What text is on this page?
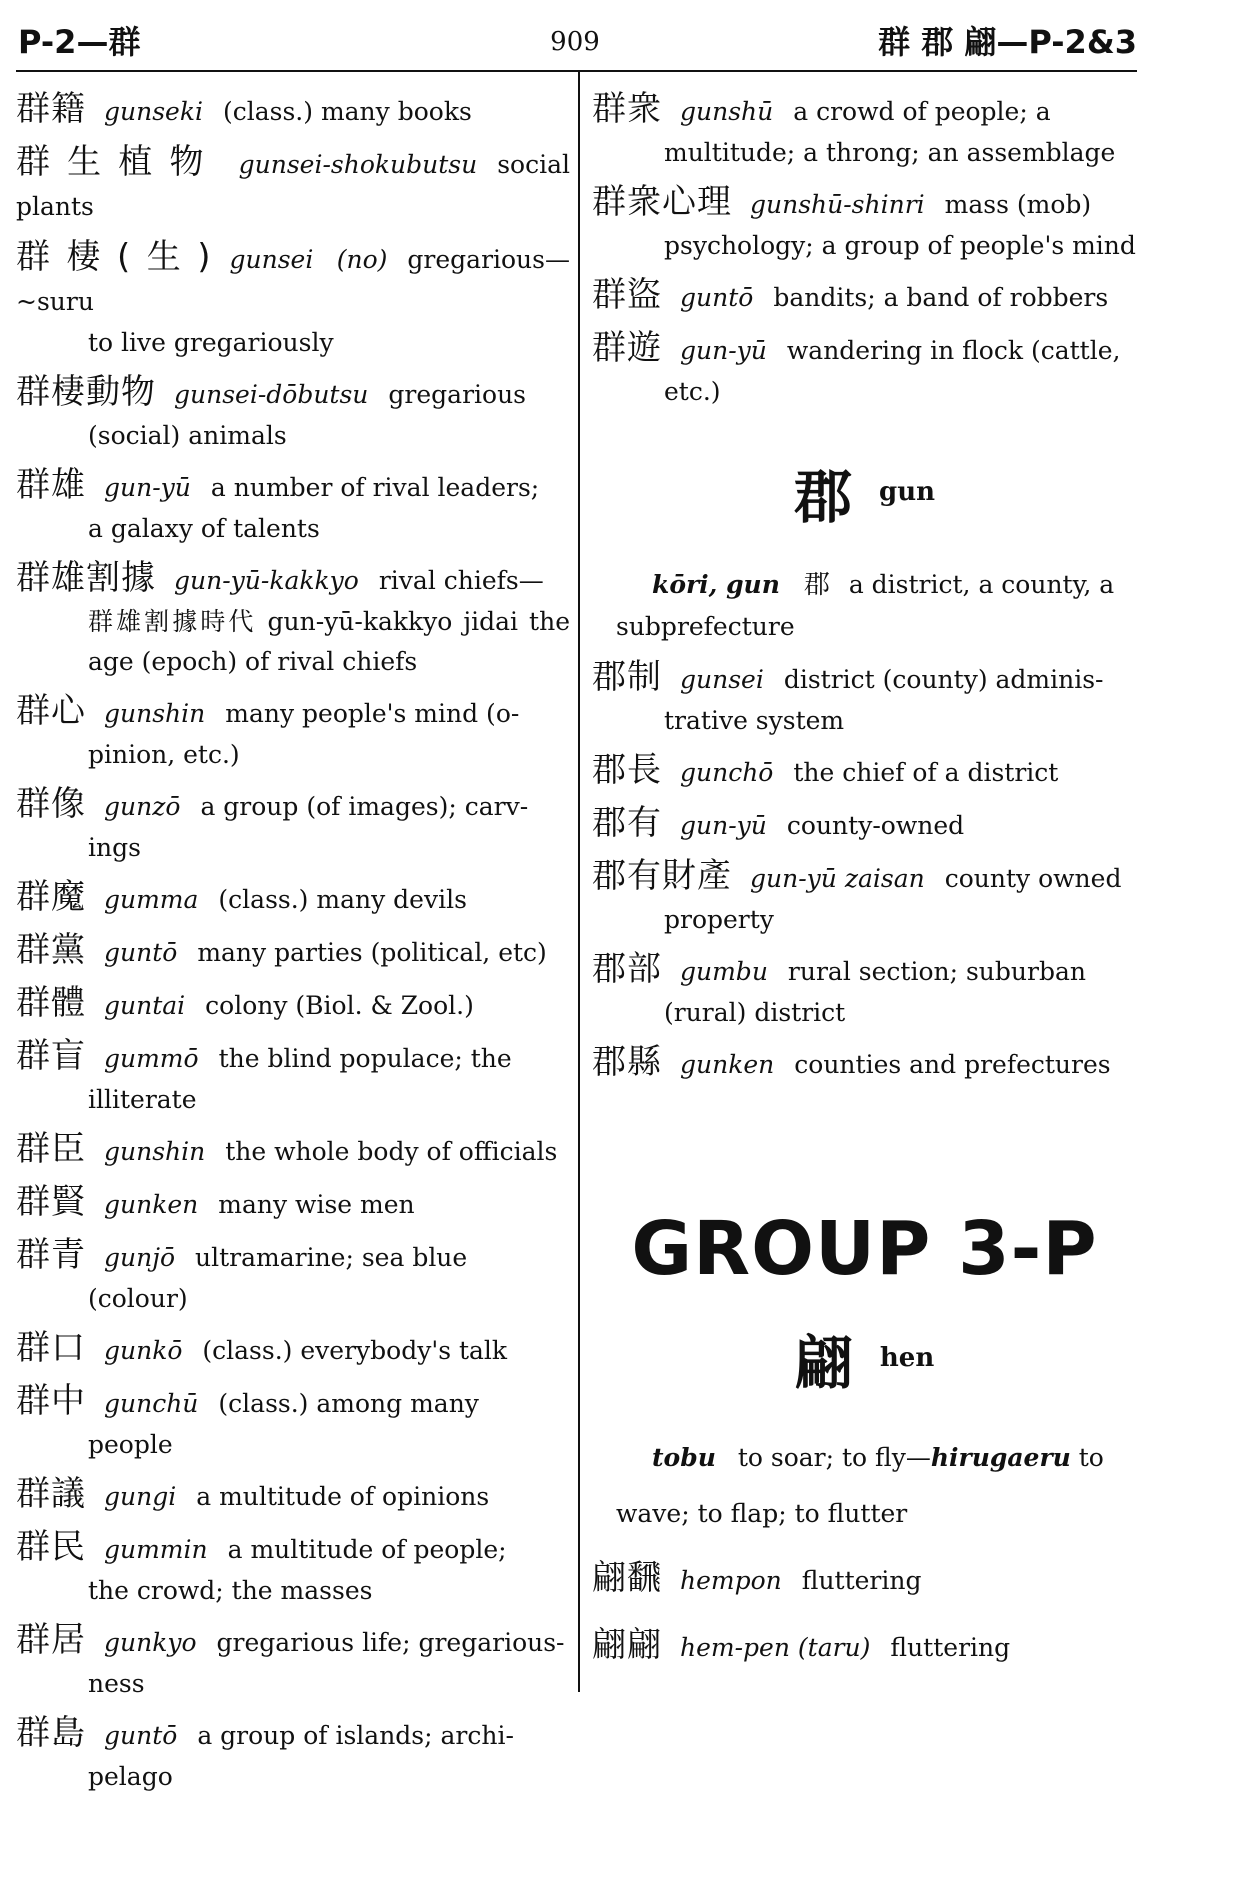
P-2—群	909	群 郡 翩—P-2&3
群籍 gunseki (class.) many books
群生植物 gunsei-shokubutsu social plants
群棲(生) gunsei (no) gregarious—~suru
to live gregariously
群棲動物 gunsei-dōbutsu gregarious
(social) animals
群雄 gun-yū a number of rival leaders;
a galaxy of talents
群雄割據 gun-yū-kakkyo rival chiefs—
群雄割據時代 gun-yū-kakkyo jidai the age (epoch) of rival chiefs
群心 gunshin many people's mind (o-
pinion, etc.)
群像 gunzō a group (of images); carv-
ings
群魔 gumma (class.) many devils
群黨 guntō many parties (political, etc)
群體 guntai colony (Biol. & Zool.)
群盲 gummō the blind populace; the
illiterate
群臣 gunshin the whole body of officials
群賢 gunken many wise men
群青 gunjō ultramarine; sea blue
(colour)
群口 gunkō (class.) everybody's talk
群中 gunchū (class.) among many
people
群議 gungi a multitude of opinions
群民 gummin a multitude of people;
the crowd; the masses
群居 gunkyo gregarious life; gregarious-
ness
群島 guntō a group of islands; archi-
pelago
群衆 gunshū a crowd of people; a
multitude; a throng; an assemblage
群衆心理 gunshū-shinri mass (mob)
psychology; a group of people's mind
群盜 guntō bandits; a band of robbers
群遊 gun-yū wandering in flock (cattle,
etc.)
郡 gun
kōri, gun 郡 a district, a county, a
subprefecture
郡制 gunsei district (county) adminis-
trative system
郡長 gunchō the chief of a district
郡有 gun-yū county-owned
郡有財產 gun-yū zaisan county owned
property
郡部 gumbu rural section; suburban
(rural) district
郡縣 gunken counties and prefectures
GROUP 3-P
翩 hen
tobu to soar; to fly—hirugaeru to
wave; to flap; to flutter
翩飜 hempon fluttering
翩翩 hem-pen (taru) fluttering
